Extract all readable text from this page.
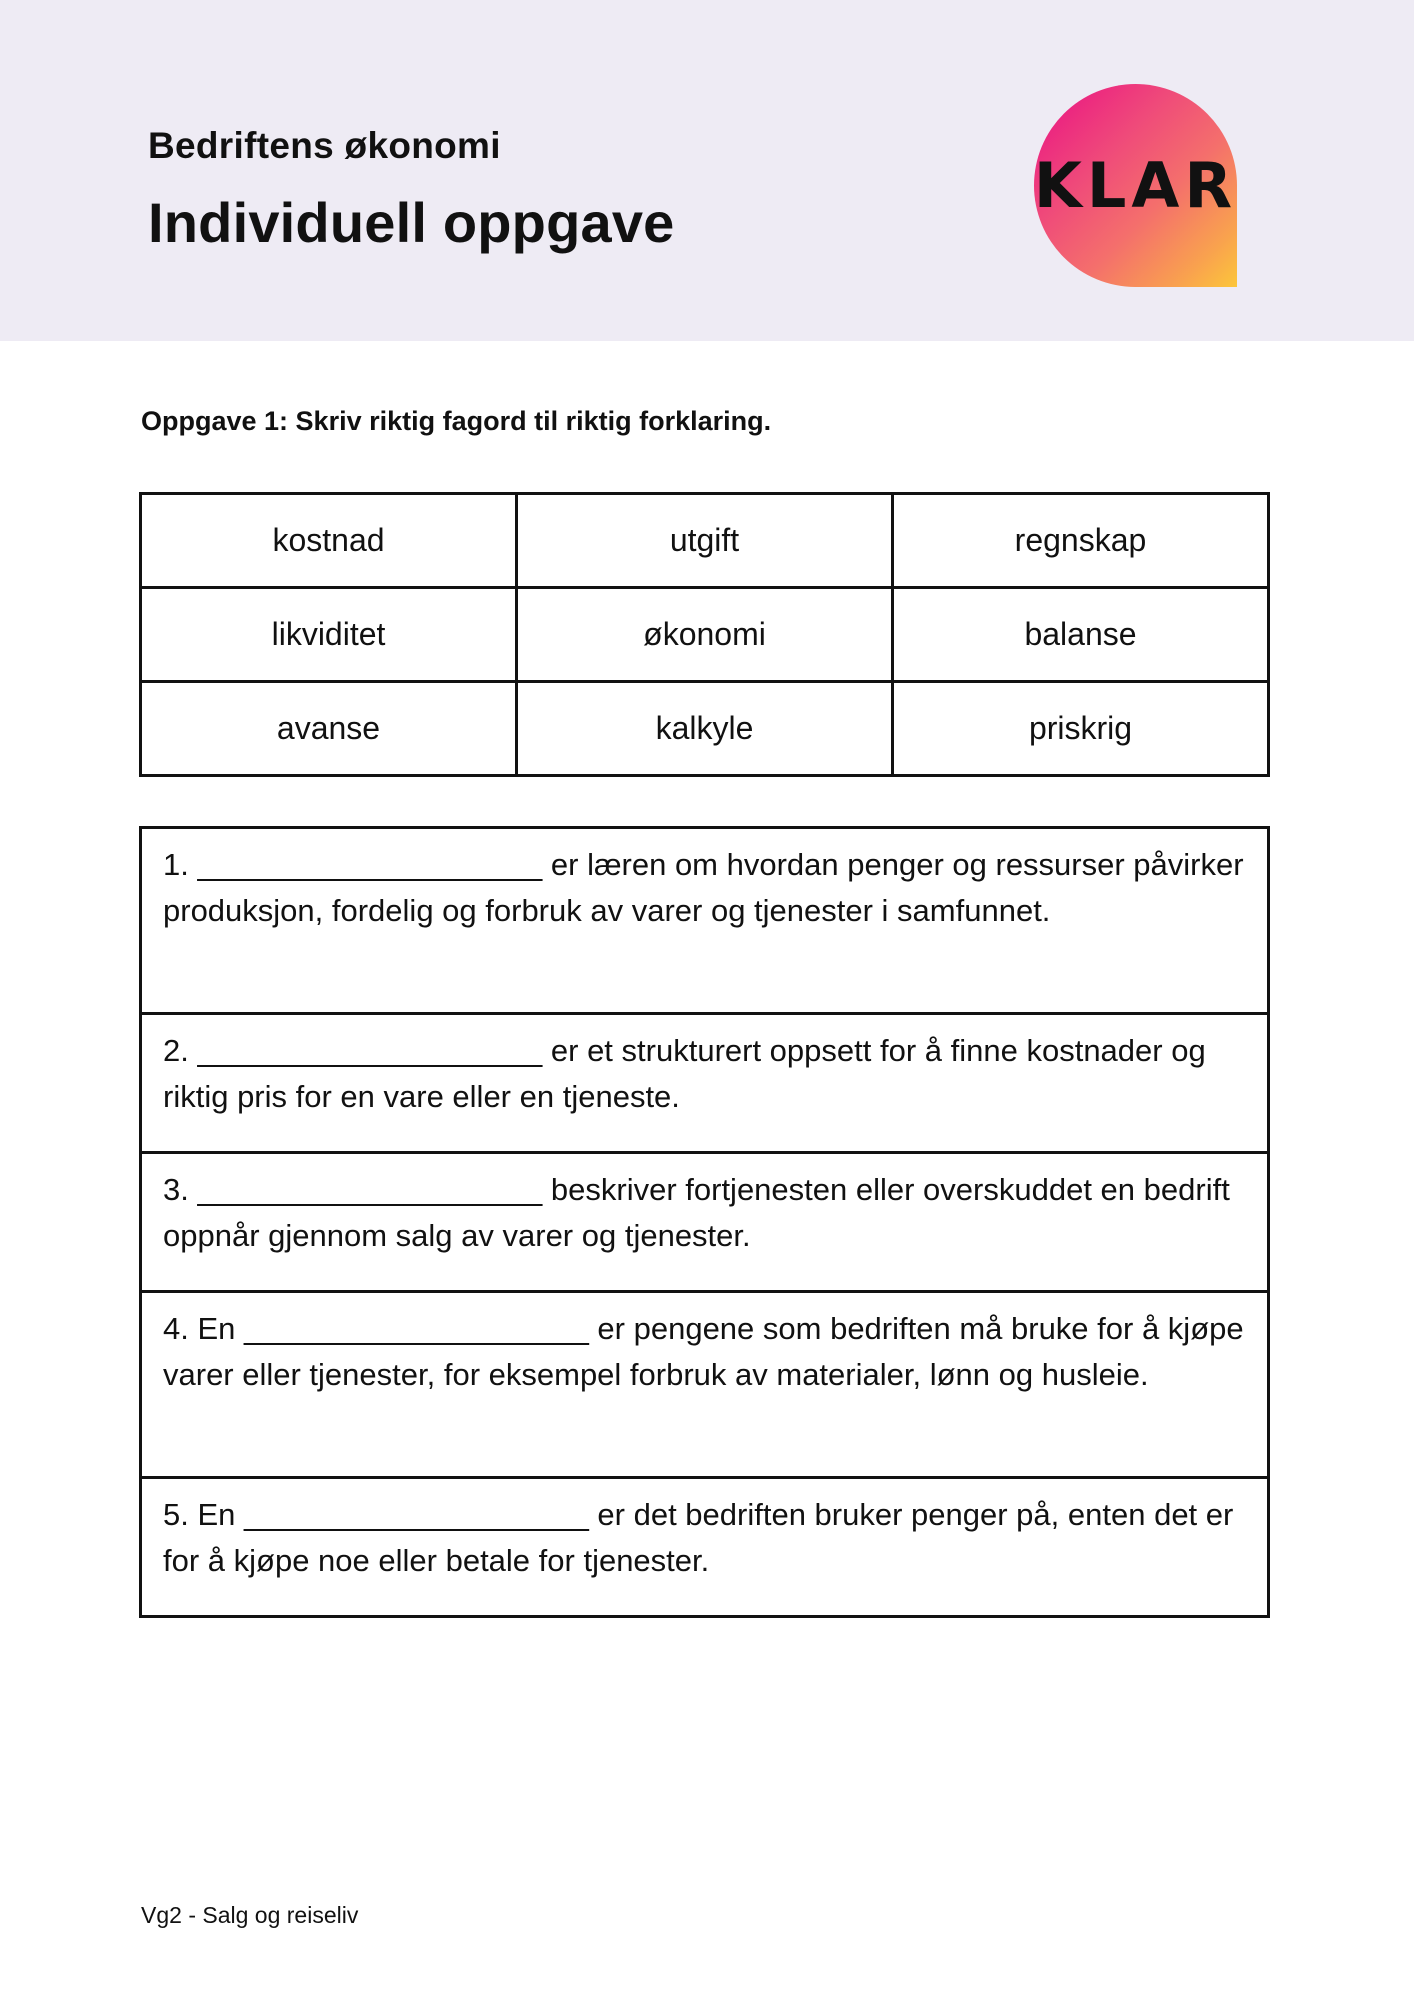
Bedriftens økonomi
Individuell oppgave
KLAR
Oppgave 1: Skriv riktig fagord til riktig forklaring.
kostnad	utgift	regnskap
likviditet	økonomi	balanse
avanse	kalkyle	priskrig
1. ____________________ er læren om hvordan penger og ressurser påvirker produksjon, fordelig og forbruk av varer og tjenester i samfunnet.
2. ____________________ er et strukturert oppsett for å finne kostnader og riktig pris for en vare eller en tjeneste.
3. ____________________ beskriver fortjenesten eller overskuddet en bedrift oppnår gjennom salg av varer og tjenester.
4. En ____________________ er pengene som bedriften må bruke for å kjøpe varer eller tjenester, for eksempel forbruk av materialer, lønn og husleie.
5. En ____________________ er det bedriften bruker penger på, enten det er for å kjøpe noe eller betale for tjenester.
Vg2 - Salg og reiseliv
